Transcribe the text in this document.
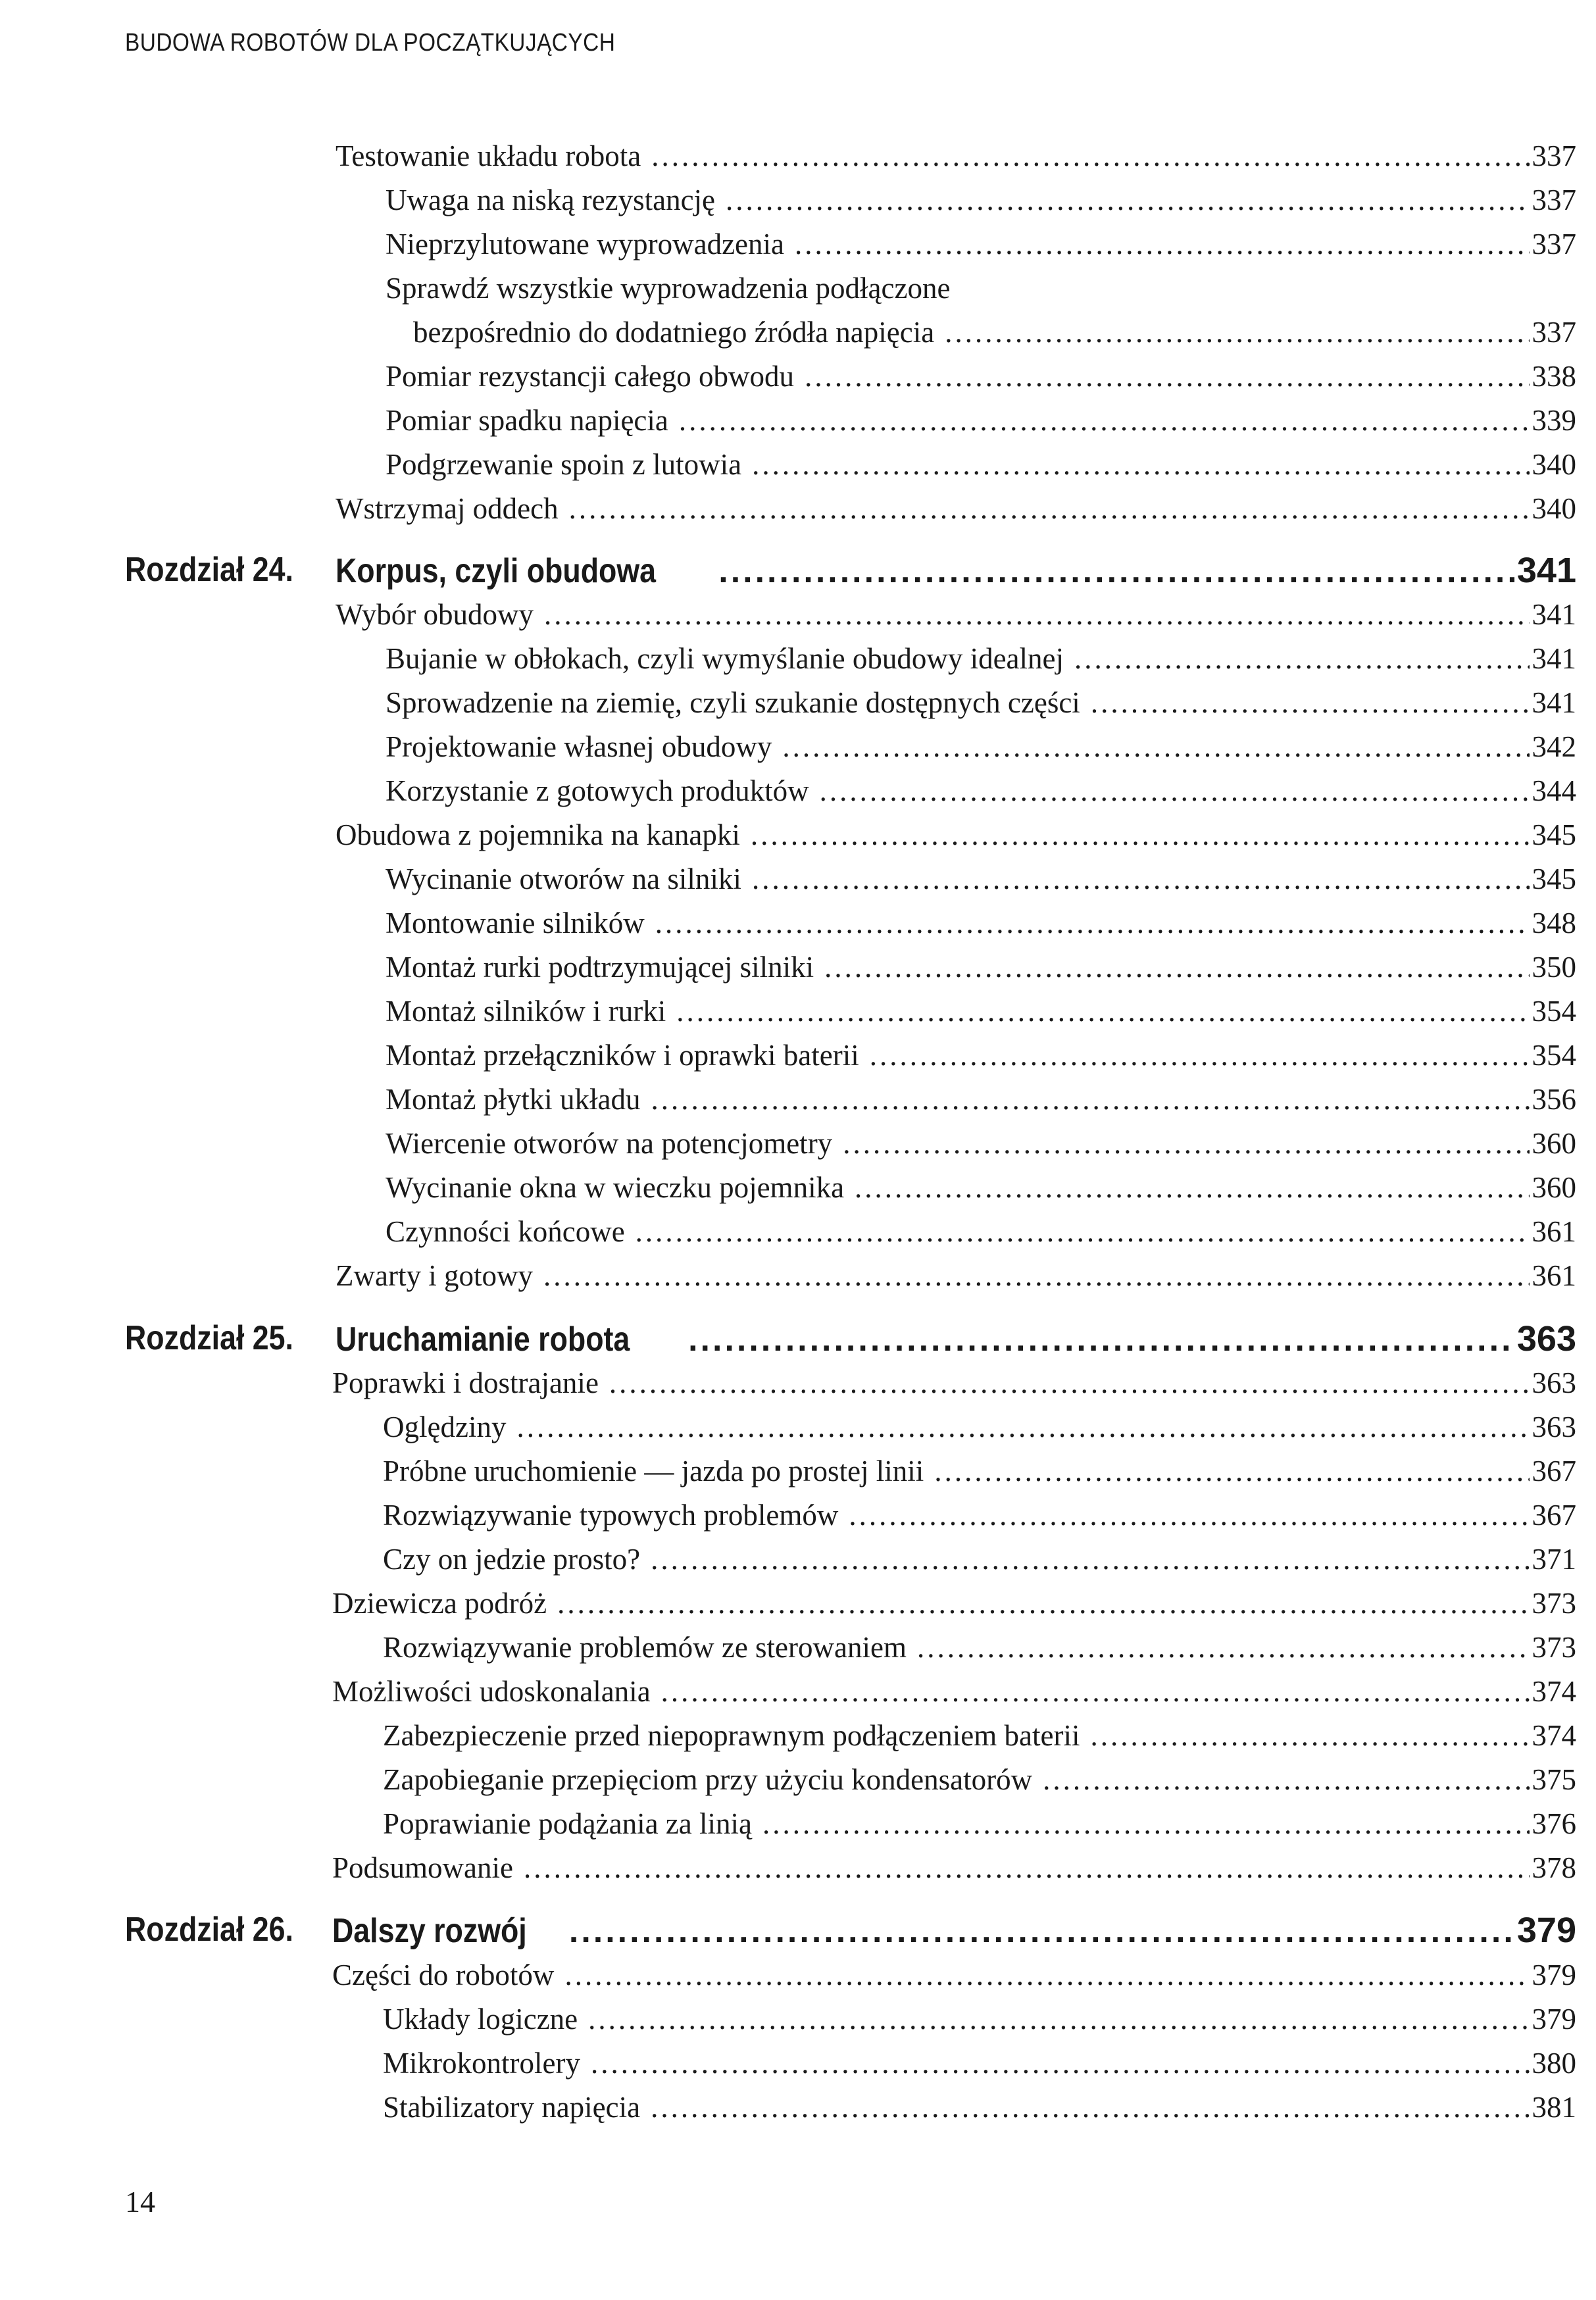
BUDOWA ROBOTÓW DLA POCZĄTKUJĄCYCH
Testowanie układu robota .....	337
Uwaga na niską rezystancję .....	337
Nieprzylutowane wyprowadzenia .....	337
Sprawdź wszystkie wyprowadzenia podłączone
bezpośrednio do dodatniego źródła napięcia .....	337
Pomiar rezystancji całego obwodu .....	338
Pomiar spadku napięcia .....	339
Podgrzewanie spoin z lutowia .....	340
Wstrzymaj oddech .....	340
Rozdział 24. Korpus, czyli obudowa .....	341
Wybór obudowy .....	341
Bujanie w obłokach, czyli wymyślanie obudowy idealnej .....	341
Sprowadzenie na ziemię, czyli szukanie dostępnych części .....	341
Projektowanie własnej obudowy .....	342
Korzystanie z gotowych produktów .....	344
Obudowa z pojemnika na kanapki .....	345
Wycinanie otworów na silniki .....	345
Montowanie silników .....	348
Montaż rurki podtrzymującej silniki .....	350
Montaż silników i rurki .....	354
Montaż przełączników i oprawki baterii .....	354
Montaż płytki układu .....	356
Wiercenie otworów na potencjometry .....	360
Wycinanie okna w wieczku pojemnika .....	360
Czynności końcowe .....	361
Zwarty i gotowy .....	361
Rozdział 25. Uruchamianie robota .....	363
Poprawki i dostrajanie .....	363
Oględziny .....	363
Próbne uruchomienie — jazda po prostej linii .....	367
Rozwiązywanie typowych problemów .....	367
Czy on jedzie prosto? .....	371
Dziewicza podróż .....	373
Rozwiązywanie problemów ze sterowaniem .....	373
Możliwości udoskonalania .....	374
Zabezpieczenie przed niepoprawnym podłączeniem baterii .....	374
Zapobieganie przepięciom przy użyciu kondensatorów .....	375
Poprawianie podążania za linią .....	376
Podsumowanie .....	378
Rozdział 26. Dalszy rozwój .....	379
Części do robotów .....	379
Układy logiczne .....	379
Mikrokontrolery .....	380
Stabilizatory napięcia .....	381
14
